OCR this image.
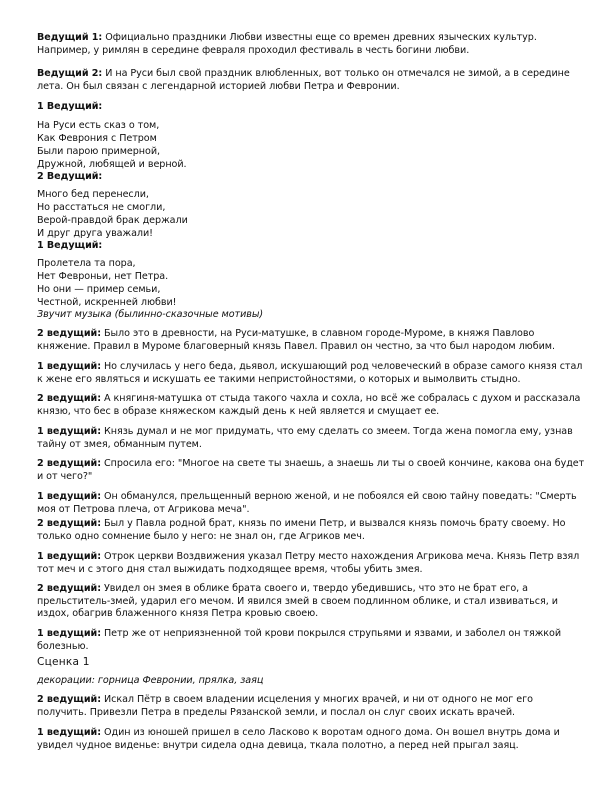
Ведущий 1: Официально праздники Любви известны еще со времен древних языческих культур. Например, у римлян в середине февраля проходил фестиваль в честь богини любви.

Ведущий 2: И на Руси был свой праздник влюбленных, вот только он отмечался не зимой, а в середине лета. Он был связан с легендарной историей любви Петра и Февронии.

1 Ведущий:

На Руси есть сказ о том,
Как Феврония с Петром
Были парою примерной,
Дружной, любящей и верной.

2 Ведущий:

Много бед перенесли,
Но расстаться не смогли,
Верой-правдой брак держали
И друг друга уважали!

1 Ведущий:

Пролетела та пора,
Нет Февроньи, нет Петра.
Но они — пример семьи,
Честной, искренней любви!

Звучит музыка (былинно-сказочные мотивы)

2 ведущий: Было это в древности, на Руси-матушке, в славном городе-Муроме, в княжя Павлово княжение. Правил в Муроме благоверный князь Павел. Правил он честно, за что был народом любим.

1 ведущий: Но случилась у него беда, дьявол, искушающий род человеческий в образе самого князя стал к жене его являться и искушать ее такими непристойностями, о которых и вымолвить стыдно.

2 ведущий: А княгиня-матушка от стыда такого чахла и сохла, но всё же собралась с духом и рассказала князю, что бес в образе княжеском каждый день к ней является и смущает ее.

1 ведущий: Князь думал и не мог придумать, что ему сделать со змеем. Тогда жена помогла ему, узнав тайну от змея, обманным путем.

2 ведущий: Спросила его: "Многое на свете ты знаешь, а знаешь ли ты о своей кончине, какова она будет и от чего?"

1 ведущий: Он обманулся, прельщенный верною женой, и не побоялся ей свою тайну поведать: "Смерть моя от Петрова плеча, от Агрикова меча".

2 ведущий: Был у Павла родной брат, князь по имени Петр, и вызвался князь помочь брату своему. Но только одно сомнение было у него: не знал он, где Агриков меч.

1 ведущий: Отрок церкви Воздвижения указал Петру место нахождения Агрикова меча. Князь Петр взял тот меч и с этого дня стал выжидать подходящее время, чтобы убить змея.

2 ведущий: Увидел он змея в облике брата своего и, твердо убедившись, что это не брат его, а прельститель-змей, ударил его мечом. И явился змей в своем подлинном облике, и стал извиваться, и издох, обагрив блаженного князя Петра кровью своею.

1 ведущий: Петр же от неприязненной той крови покрылся струпьями и язвами, и заболел он тяжкой болезнью.

Сценка 1

декорации: горница Февронии, прялка, заяц

2 ведущий: Искал Пётр в своем владении исцеления у многих врачей, и ни от одного не мог его получить. Привезли Петра в пределы Рязанской земли, и послал он слуг своих искать врачей.

1 ведущий: Один из юношей пришел в село Ласково к воротам одного дома. Он вошел внутрь дома и увидел чудное виденье: внутри сидела одна девица, ткала полотно, а перед ней прыгал заяц.
